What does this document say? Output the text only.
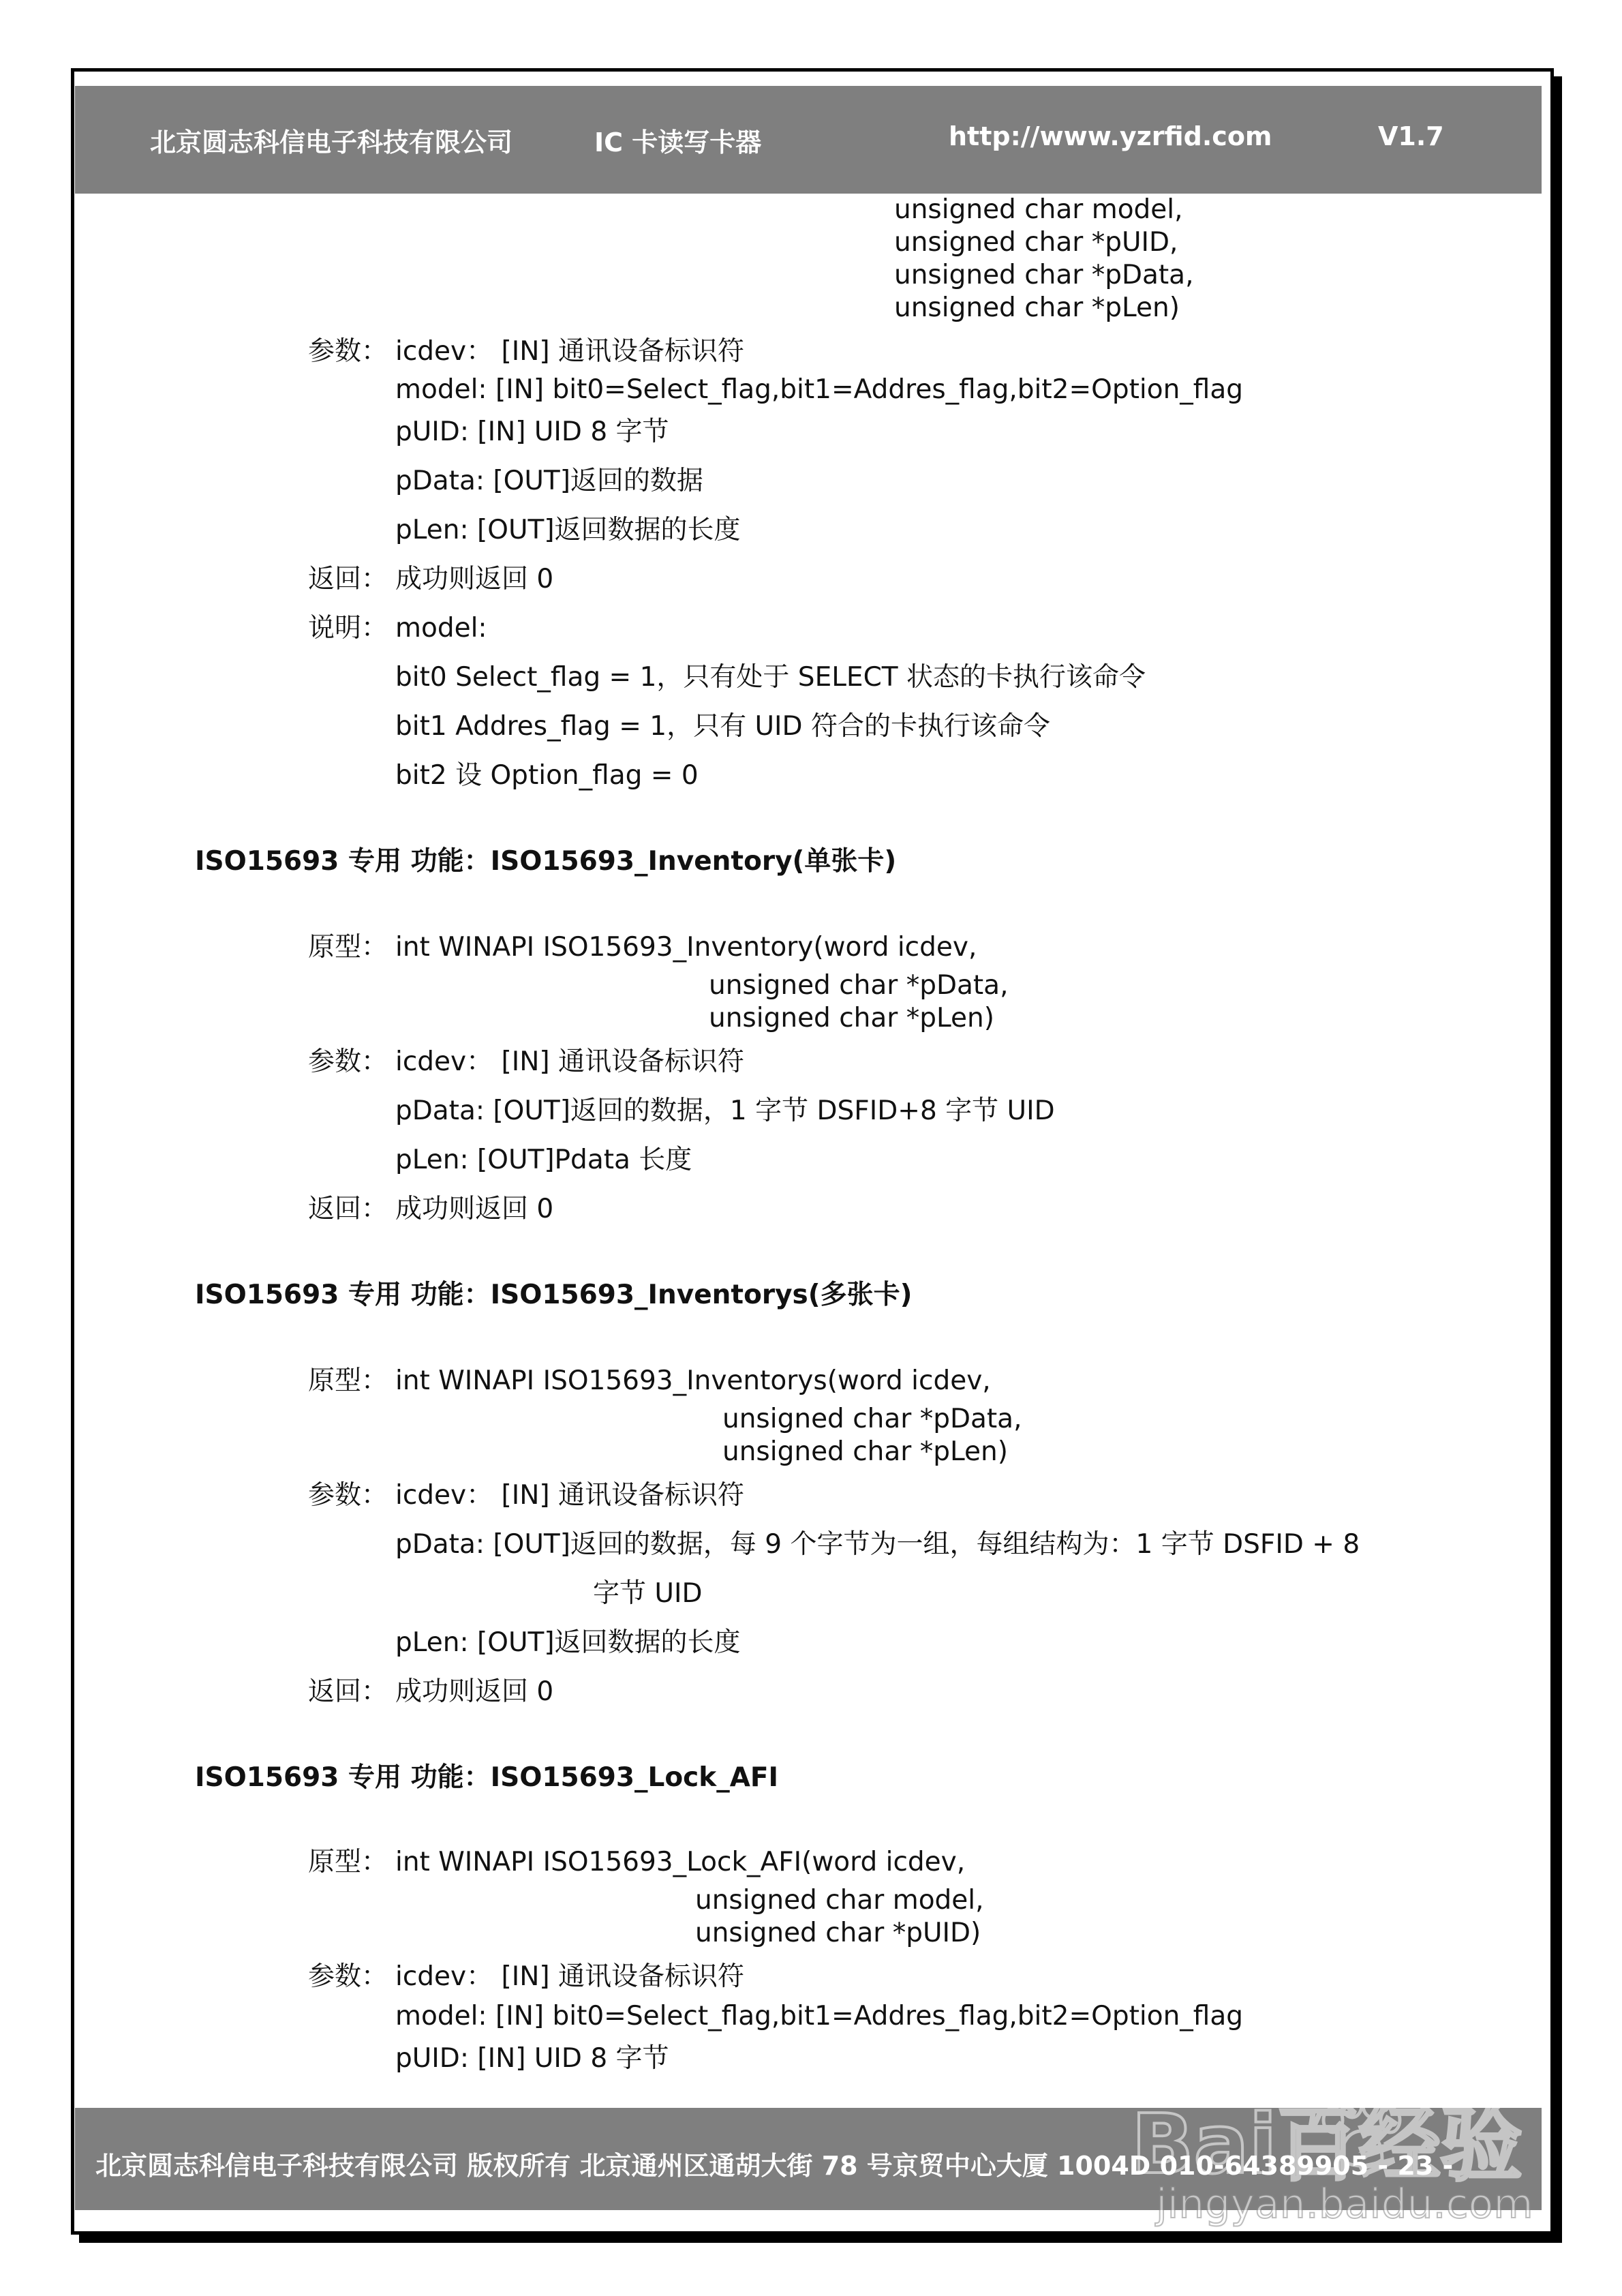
北京圆志科信电子科技有限公司	IC 卡读写卡器	http://www.yzrfid.com	V1.7
unsigned char model,
unsigned char *pUID,
unsigned char *pData,
unsigned char *pLen)
参数： icdev： [IN] 通讯设备标识符
model: [IN] bit0=Select_flag,bit1=Addres_flag,bit2=Option_flag
pUID: [IN] UID 8 字节
pData: [OUT]返回的数据
pLen: [OUT]返回数据的长度
返回： 成功则返回 0
说明： model:
bit0 Select_flag = 1，只有处于 SELECT 状态的卡执行该命令
bit1 Addres_flag = 1，只有 UID 符合的卡执行该命令
bit2 设 Option_flag = 0
ISO15693 专用 功能：ISO15693_Inventory(单张卡)
原型： int WINAPI ISO15693_Inventory(word icdev,
unsigned char *pData,
unsigned char *pLen)
参数： icdev： [IN] 通讯设备标识符
pData: [OUT]返回的数据，1 字节 DSFID+8 字节 UID
pLen: [OUT]Pdata 长度
返回： 成功则返回 0
ISO15693 专用 功能：ISO15693_Inventorys(多张卡)
原型： int WINAPI ISO15693_Inventorys(word icdev,
unsigned char *pData,
unsigned char *pLen)
参数： icdev： [IN] 通讯设备标识符
pData: [OUT]返回的数据，每 9 个字节为一组，每组结构为：1 字节 DSFID + 8
字节 UID
pLen: [OUT]返回数据的长度
返回： 成功则返回 0
ISO15693 专用 功能：ISO15693_Lock_AFI
原型： int WINAPI ISO15693_Lock_AFI(word icdev,
unsigned char model,
unsigned char *pUID)
参数： icdev： [IN] 通讯设备标识符
model: [IN] bit0=Select_flag,bit1=Addres_flag,bit2=Option_flag
pUID: [IN] UID 8 字节
北京圆志科信电子科技有限公司 版权所有 北京通州区通胡大街 78 号京贸中心大厦 1004D 010-64389905 - 23 -
Bai百经验
jingyan.baidu.com
